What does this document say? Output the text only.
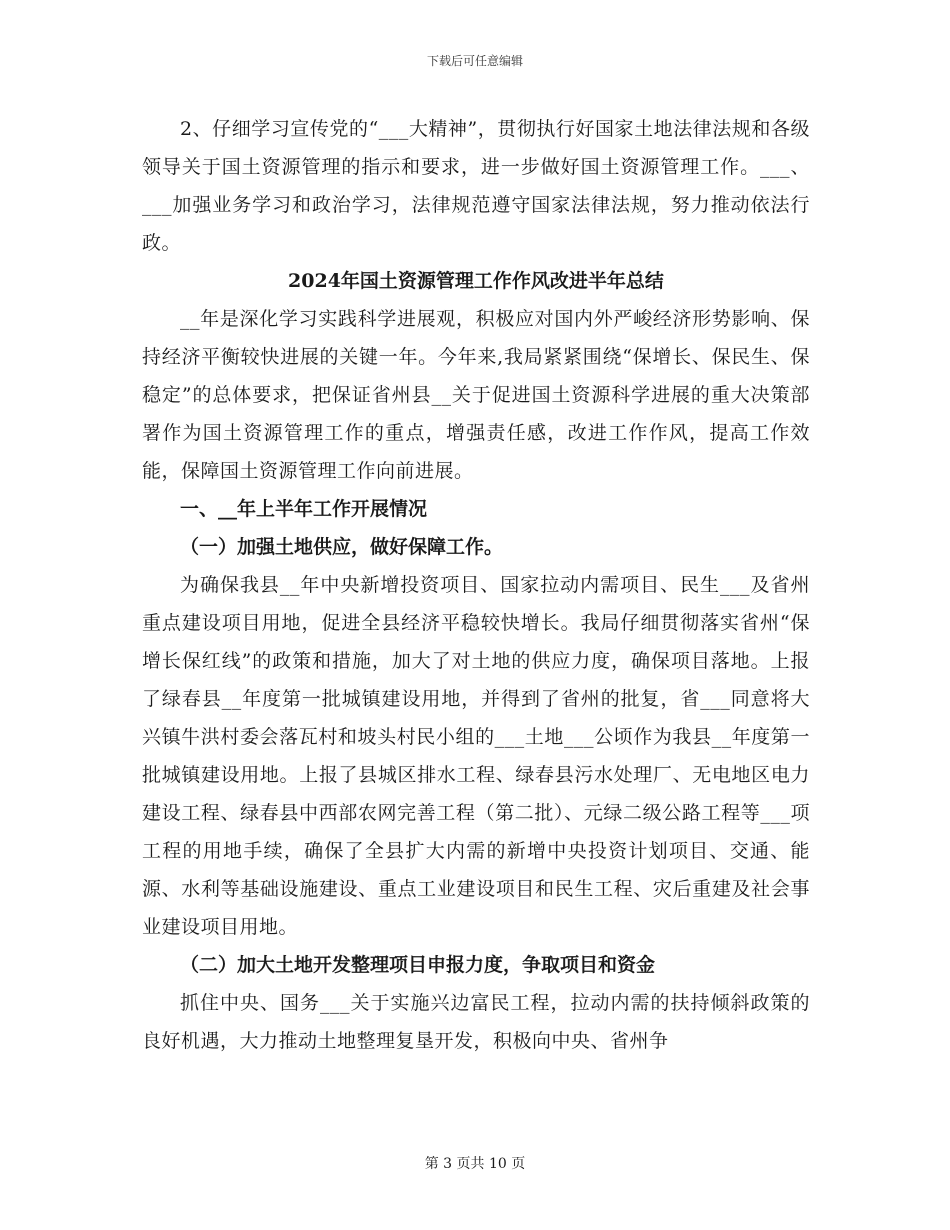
下载后可任意编辑

2、仔细学习宣传党的“___大精神”，贯彻执行好国家土地法律法规和各级领导关于国土资源管理的指示和要求，进一步做好国土资源管理工作。___、___加强业务学习和政治学习，法律规范遵守国家法律法规，努力推动依法行政。

2024年国土资源管理工作作风改进半年总结

__年是深化学习实践科学进展观，积极应对国内外严峻经济形势影响、保持经济平衡较快进展的关键一年。今年来,我局紧紧围绕“保增长、保民生、保稳定”的总体要求，把保证省州县__关于促进国土资源科学进展的重大决策部署作为国土资源管理工作的重点，增强责任感，改进工作作风，提高工作效能，保障国土资源管理工作向前进展。

一、__年上半年工作开展情况

（一）加强土地供应，做好保障工作。

为确保我县__年中央新增投资项目、国家拉动内需项目、民生___及省州重点建设项目用地，促进全县经济平稳较快增长。我局仔细贯彻落实省州“保增长保红线”的政策和措施，加大了对土地的供应力度，确保项目落地。上报了绿春县__年度第一批城镇建设用地，并得到了省州的批复，省___同意将大兴镇牛洪村委会落瓦村和坡头村民小组的___土地___公顷作为我县__年度第一批城镇建设用地。上报了县城区排水工程、绿春县污水处理厂、无电地区电力建设工程、绿春县中西部农网完善工程（第二批）、元绿二级公路工程等___项工程的用地手续，确保了全县扩大内需的新增中央投资计划项目、交通、能源、水利等基础设施建设、重点工业建设项目和民生工程、灾后重建及社会事业建设项目用地。

（二）加大土地开发整理项目申报力度，争取项目和资金

抓住中央、国务___关于实施兴边富民工程，拉动内需的扶持倾斜政策的良好机遇，大力推动土地整理复垦开发，积极向中央、省州争

第 3 页共 10 页
